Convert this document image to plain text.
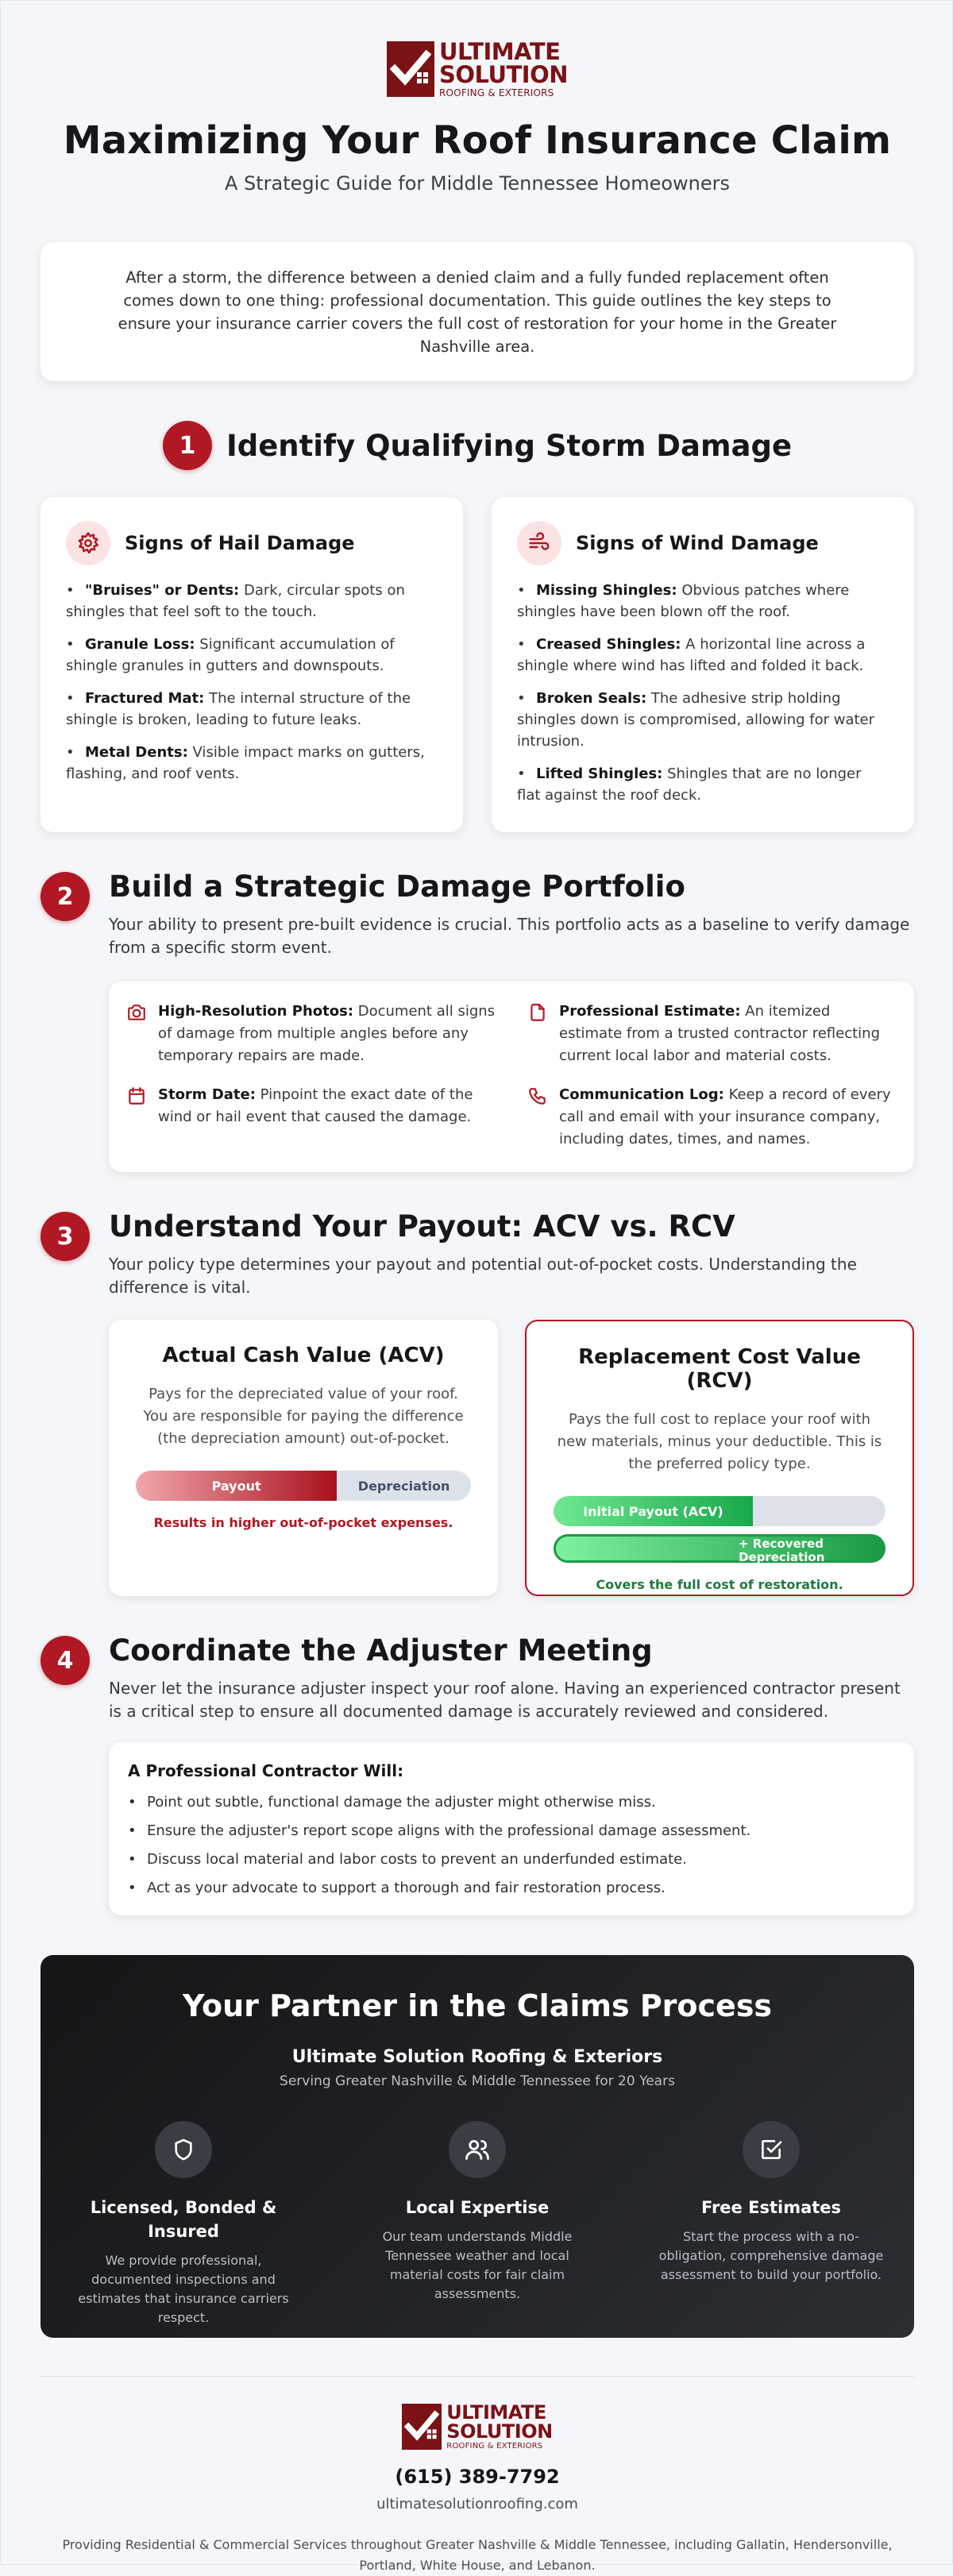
ULTIMATE
SOLUTION
ROOFING & EXTERIORS
Maximizing Your Roof Insurance Claim
A Strategic Guide for Middle Tennessee Homeowners

After a storm, the difference between a denied claim and a fully funded replacement often comes down to one thing: professional documentation. This guide outlines the key steps to ensure your insurance carrier covers the full cost of restoration for your home in the Greater Nashville area.

1	Identify Qualifying Storm Damage
Signs of Hail Damage
• "Bruises" or Dents: Dark, circular spots on shingles that feel soft to the touch.
• Granule Loss: Significant accumulation of shingle granules in gutters and downspouts.
• Fractured Mat: The internal structure of the shingle is broken, leading to future leaks.
• Metal Dents: Visible impact marks on gutters, flashing, and roof vents.
Signs of Wind Damage
• Missing Shingles: Obvious patches where shingles have been blown off the roof.
• Creased Shingles: A horizontal line across a shingle where wind has lifted and folded it back.
• Broken Seals: The adhesive strip holding shingles down is compromised, allowing for water intrusion.
• Lifted Shingles: Shingles that are no longer flat against the roof deck.
2	Build a Strategic Damage Portfolio

Your ability to present pre-built evidence is crucial. This portfolio acts as a baseline to verify damage from a specific storm event.

High-Resolution Photos: Document all signs of damage from multiple angles before any temporary repairs are made.

Professional Estimate: An itemized estimate from a trusted contractor reflecting current local labor and material costs.

Storm Date: Pinpoint the exact date of the wind or hail event that caused the damage.

Communication Log: Keep a record of every call and email with your insurance company, including dates, times, and names.

3	Understand Your Payout: ACV vs. RCV

Your policy type determines your payout and potential out-of-pocket costs. Understanding the difference is vital.

Actual Cash Value (ACV)

Pays for the depreciated value of your roof. You are responsible for paying the difference (the depreciation amount) out-of-pocket.

Payout	Depreciation

Results in higher out-of-pocket expenses.

Replacement Cost Value (RCV)

Pays the full cost to replace your roof with new materials, minus your deductible. This is the preferred policy type.

Initial Payout (ACV)
+ Recovered Depreciation

Covers the full cost of restoration.

4	Coordinate the Adjuster Meeting

Never let the insurance adjuster inspect your roof alone. Having an experienced contractor present is a critical step to ensure all documented damage is accurately reviewed and considered.

A Professional Contractor Will:
• Point out subtle, functional damage the adjuster might otherwise miss.
• Ensure the adjuster's report scope aligns with the professional damage assessment.
• Discuss local material and labor costs to prevent an underfunded estimate.
• Act as your advocate to support a thorough and fair restoration process.
Your Partner in the Claims Process
Ultimate Solution Roofing & Exteriors
Serving Greater Nashville & Middle Tennessee for 20 Years
Licensed, Bonded & Insured
We provide professional, documented inspections and estimates that insurance carriers respect.
Local Expertise
Our team understands Middle Tennessee weather and local material costs for fair claim assessments.
Free Estimates
Start the process with a no-obligation, comprehensive damage assessment to build your portfolio.
ULTIMATE
SOLUTION
ROOFING & EXTERIORS
(615) 389-7792
ultimatesolutionroofing.com

Providing Residential & Commercial Services throughout Greater Nashville & Middle Tennessee, including Gallatin, Hendersonville, Portland, White House, and Lebanon.
